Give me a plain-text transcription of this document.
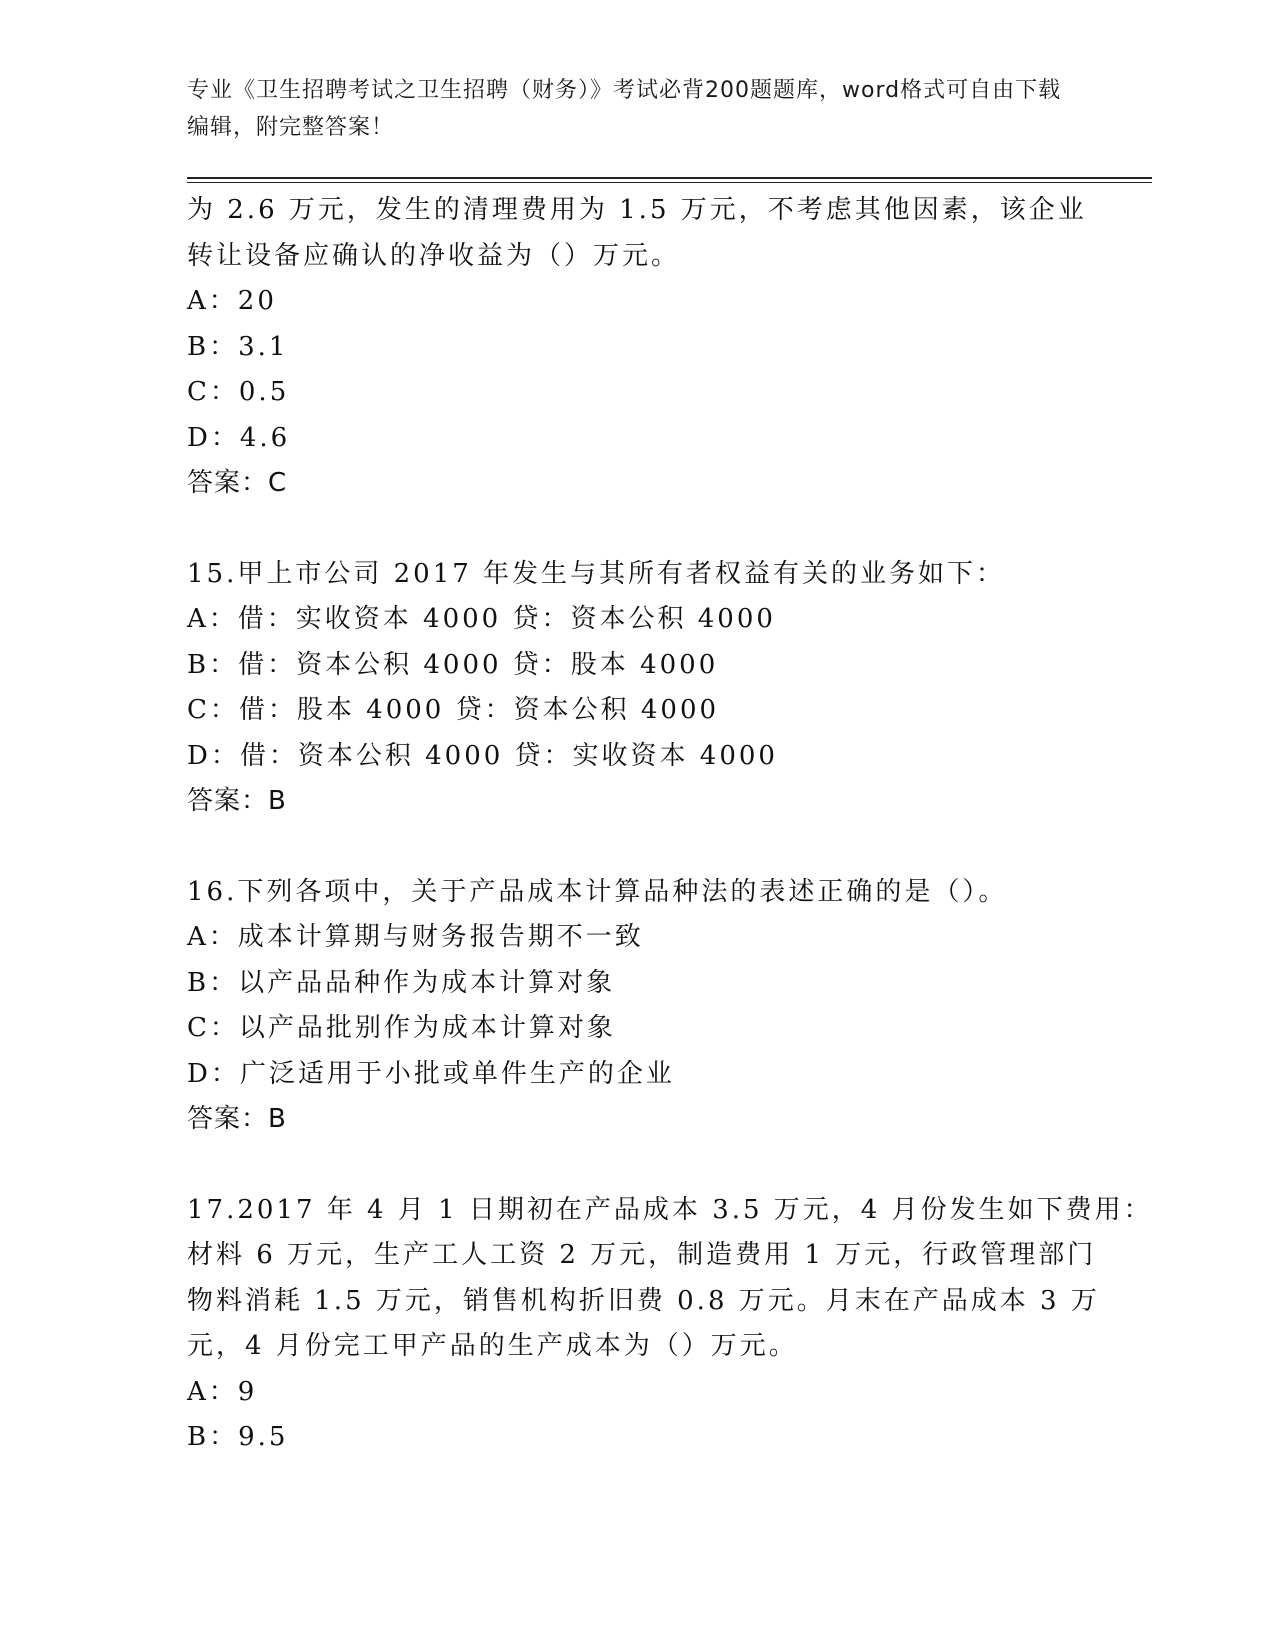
专业《卫生招聘考试之卫生招聘（财务）》考试必背200题题库，word格式可自由下载编辑，附完整答案！
为 2.6 万元，发生的清理费用为 1.5 万元，不考虑其他因素，该企业
转让设备应确认的净收益为（）万元。
A：20
B：3.1
C：0.5
D：4.6
答案：C
15.甲上市公司 2017 年发生与其所有者权益有关的业务如下：
A：借：实收资本 4000 贷：资本公积 4000
B：借：资本公积 4000 贷：股本 4000
C：借：股本 4000 贷：资本公积 4000
D：借：资本公积 4000 贷：实收资本 4000
答案：B
16.下列各项中，关于产品成本计算品种法的表述正确的是（）。
A：成本计算期与财务报告期不一致
B：以产品品种作为成本计算对象
C：以产品批别作为成本计算对象
D：广泛适用于小批或单件生产的企业
答案：B
17.2017 年 4 月 1 日期初在产品成本 3.5 万元，4 月份发生如下费用：
材料 6 万元，生产工人工资 2 万元，制造费用 1 万元，行政管理部门
物料消耗 1.5 万元，销售机构折旧费 0.8 万元。月末在产品成本 3 万
元，4 月份完工甲产品的生产成本为（）万元。
A：9
B：9.5
